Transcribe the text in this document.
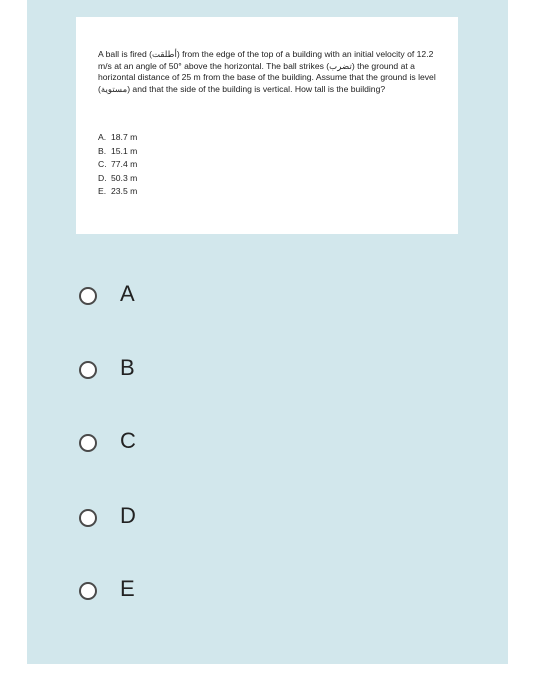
A ball is fired (أطلقت) from the edge of the top of a building with an initial velocity of 12.2 m/s at an angle of 50° above the horizontal. The ball strikes (تضرب) the ground at a horizontal distance of 25 m from the base of the building. Assume that the ground is level (مستوية) and that the side of the building is vertical. How tall is the building?
A. 18.7 m
B. 15.1 m
C. 77.4 m
D. 50.3 m
E. 23.5 m
A
B
C
D
E
